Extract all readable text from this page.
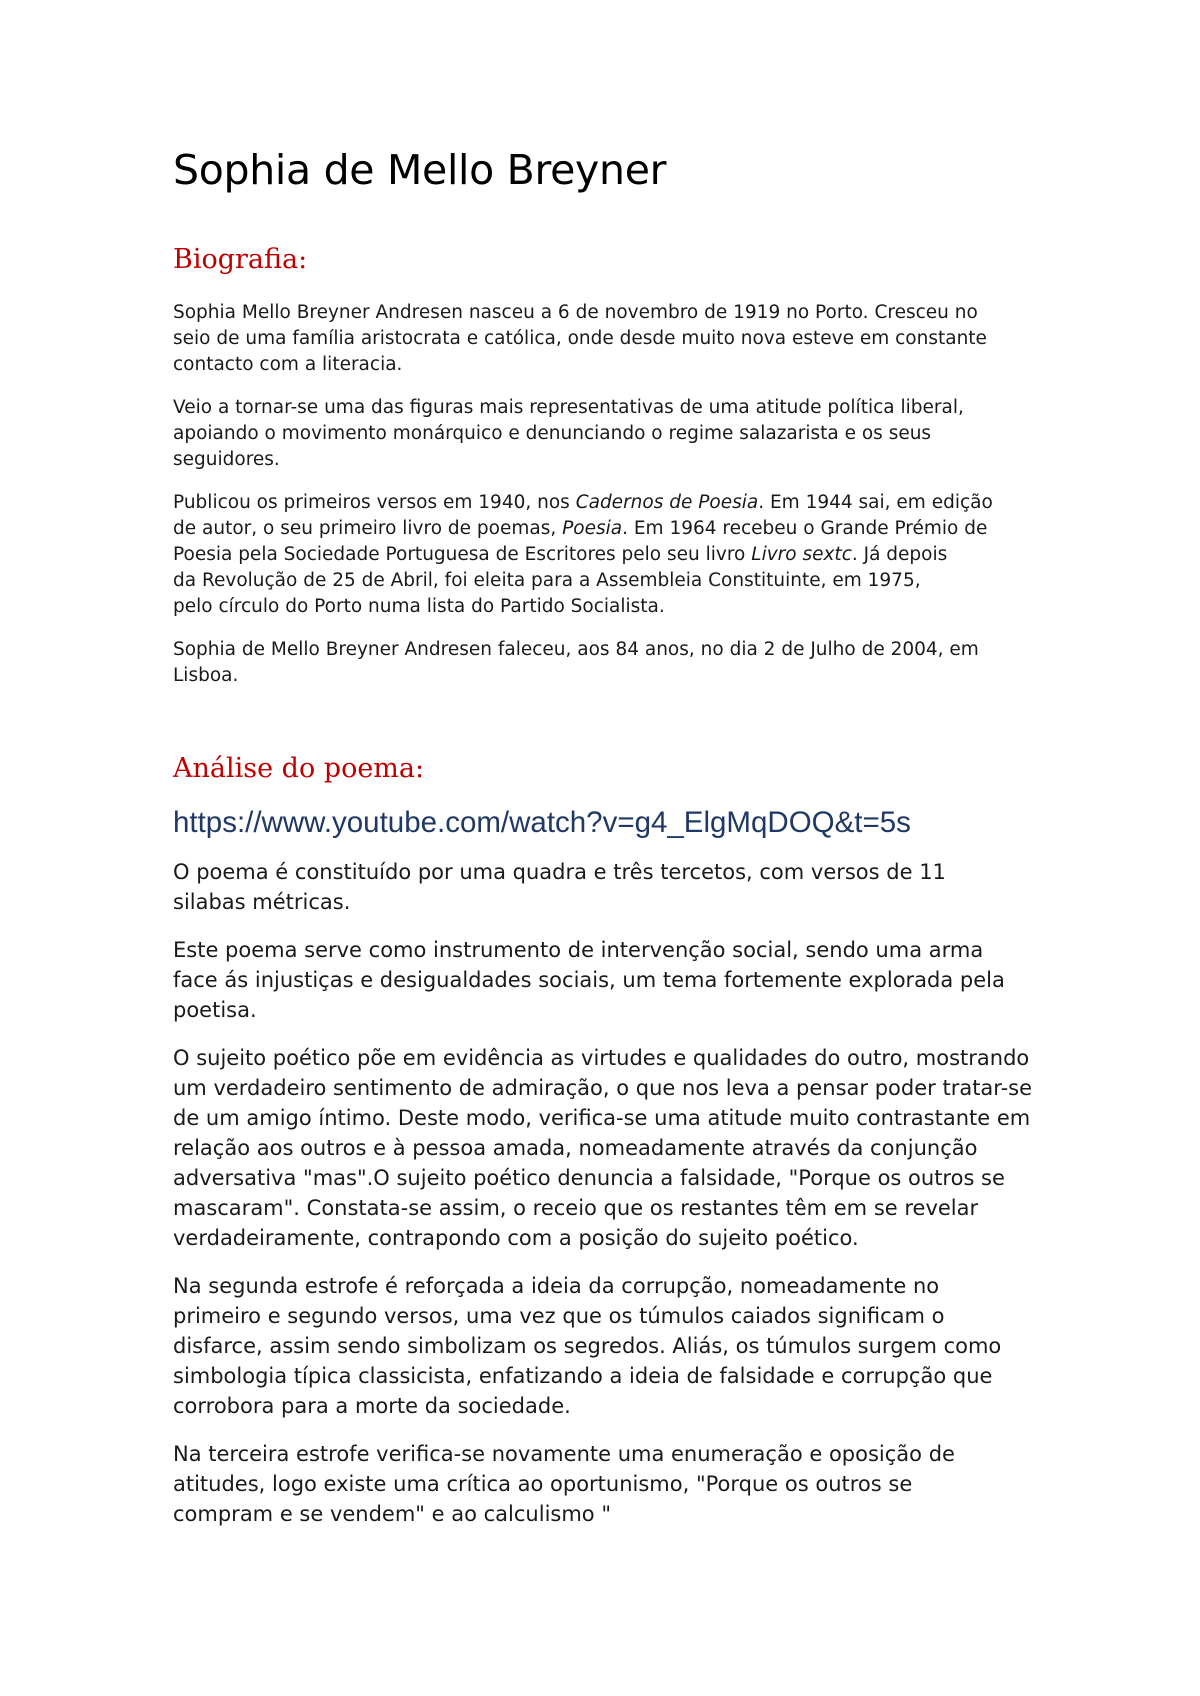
Sophia de Mello Breyner
Biografia:

Sophia Mello Breyner Andresen nasceu a 6 de novembro de 1919 no Porto. Cresceu no
seio de uma família aristocrata e católica, onde desde muito nova esteve em constante
contacto com a literacia.

Veio a tornar-se uma das figuras mais representativas de uma atitude política liberal,
apoiando o movimento monárquico e denunciando o regime salazarista e os seus
seguidores.

Publicou os primeiros versos em 1940, nos Cadernos de Poesia. Em 1944 sai, em edição
de autor, o seu primeiro livro de poemas, Poesia. Em 1964 recebeu o Grande Prémio de
Poesia pela Sociedade Portuguesa de Escritores pelo seu livro Livro sextc. Já depois
da Revolução de 25 de Abril, foi eleita para a Assembleia Constituinte, em 1975,
pelo círculo do Porto numa lista do Partido Socialista.

Sophia de Mello Breyner Andresen faleceu, aos 84 anos, no dia 2 de Julho de 2004, em
Lisboa.

Análise do poema:
https://www.youtube.com/watch?v=g4_ElgMqDOQ&t=5s

O poema é constituído por uma quadra e três tercetos, com versos de 11
silabas métricas.

Este poema serve como instrumento de intervenção social, sendo uma arma
face ás injustiças e desigualdades sociais, um tema fortemente explorada pela
poetisa.

O sujeito poético põe em evidência as virtudes e qualidades do outro, mostrando
um verdadeiro sentimento de admiração, o que nos leva a pensar poder tratar-se
de um amigo íntimo. Deste modo, verifica-se uma atitude muito contrastante em
relação aos outros e à pessoa amada, nomeadamente através da conjunção
adversativa "mas".O sujeito poético denuncia a falsidade, "Porque os outros se
mascaram". Constata-se assim, o receio que os restantes têm em se revelar
verdadeiramente, contrapondo com a posição do sujeito poético.

Na segunda estrofe é reforçada a ideia da corrupção, nomeadamente no
primeiro e segundo versos, uma vez que os túmulos caiados significam o
disfarce, assim sendo simbolizam os segredos. Aliás, os túmulos surgem como
simbologia típica classicista, enfatizando a ideia de falsidade e corrupção que
corrobora para a morte da sociedade.

Na terceira estrofe verifica-se novamente uma enumeração e oposição de
atitudes, logo existe uma crítica ao oportunismo, "Porque os outros se
compram e se vendem" e ao calculismo "
